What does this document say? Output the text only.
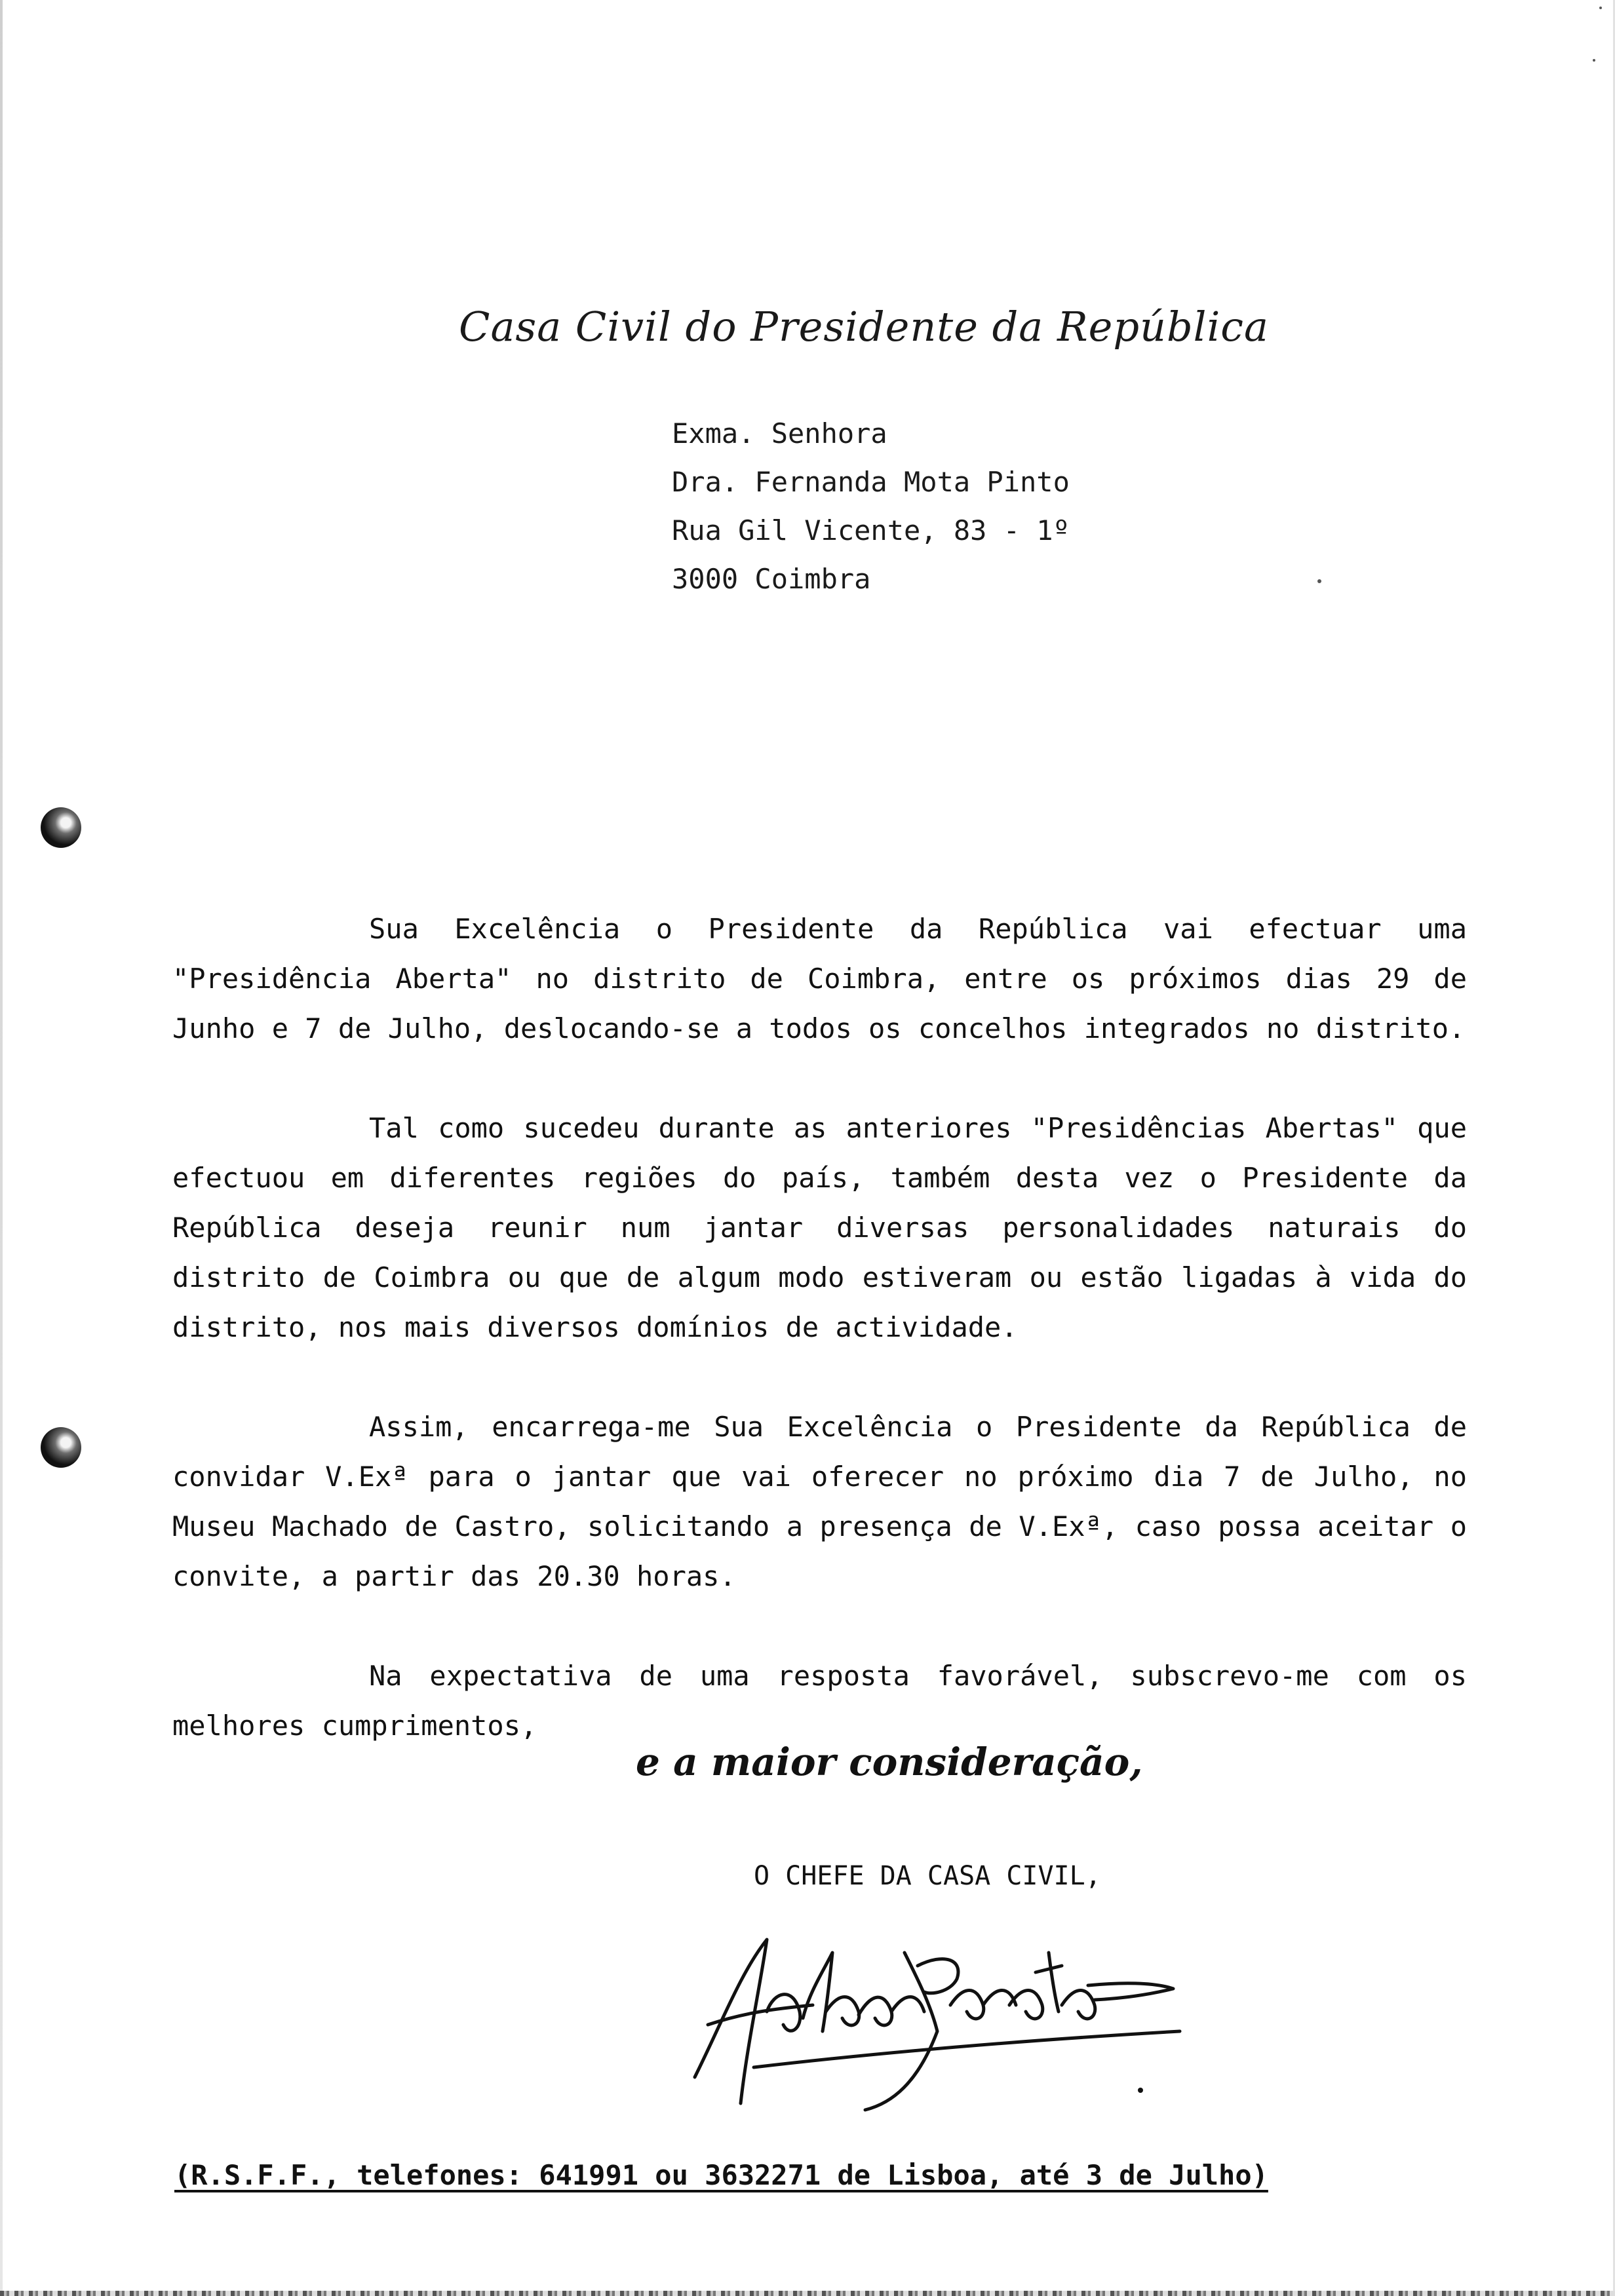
Casa Civil do Presidente da República
Exma. Senhora
Dra. Fernanda Mota Pinto
Rua Gil Vicente, 83 - 1º
3000 Coimbra

Sua Excelência o Presidente da República vai efectuar uma "Presidência Aberta" no distrito de Coimbra, entre os próximos dias 29 de Junho e 7 de Julho, deslocando-se a todos os concelhos integrados no distrito.

Tal como sucedeu durante as anteriores "Presidências Abertas" que efectuou em diferentes regiões do país, também desta vez o Presidente da República deseja reunir num jantar diversas personalidades naturais do distrito de Coimbra ou que de algum modo estiveram ou estão ligadas à vida do distrito, nos mais diversos domínios de actividade.

Assim, encarrega-me Sua Excelência o Presidente da República de convidar V.Exª para o jantar que vai oferecer no próximo dia 7 de Julho, no Museu Machado de Castro, solicitando a presença de V.Exª, caso possa aceitar o convite, a partir das 20.30 horas.

Na expectativa de uma resposta favorável, subscrevo-me com os melhores cumprimentos,

e a maior consideração,
O CHEFE DA CASA CIVIL,
(R.S.F.F., telefones: 641991 ou 3632271 de Lisboa, até 3 de Julho)
